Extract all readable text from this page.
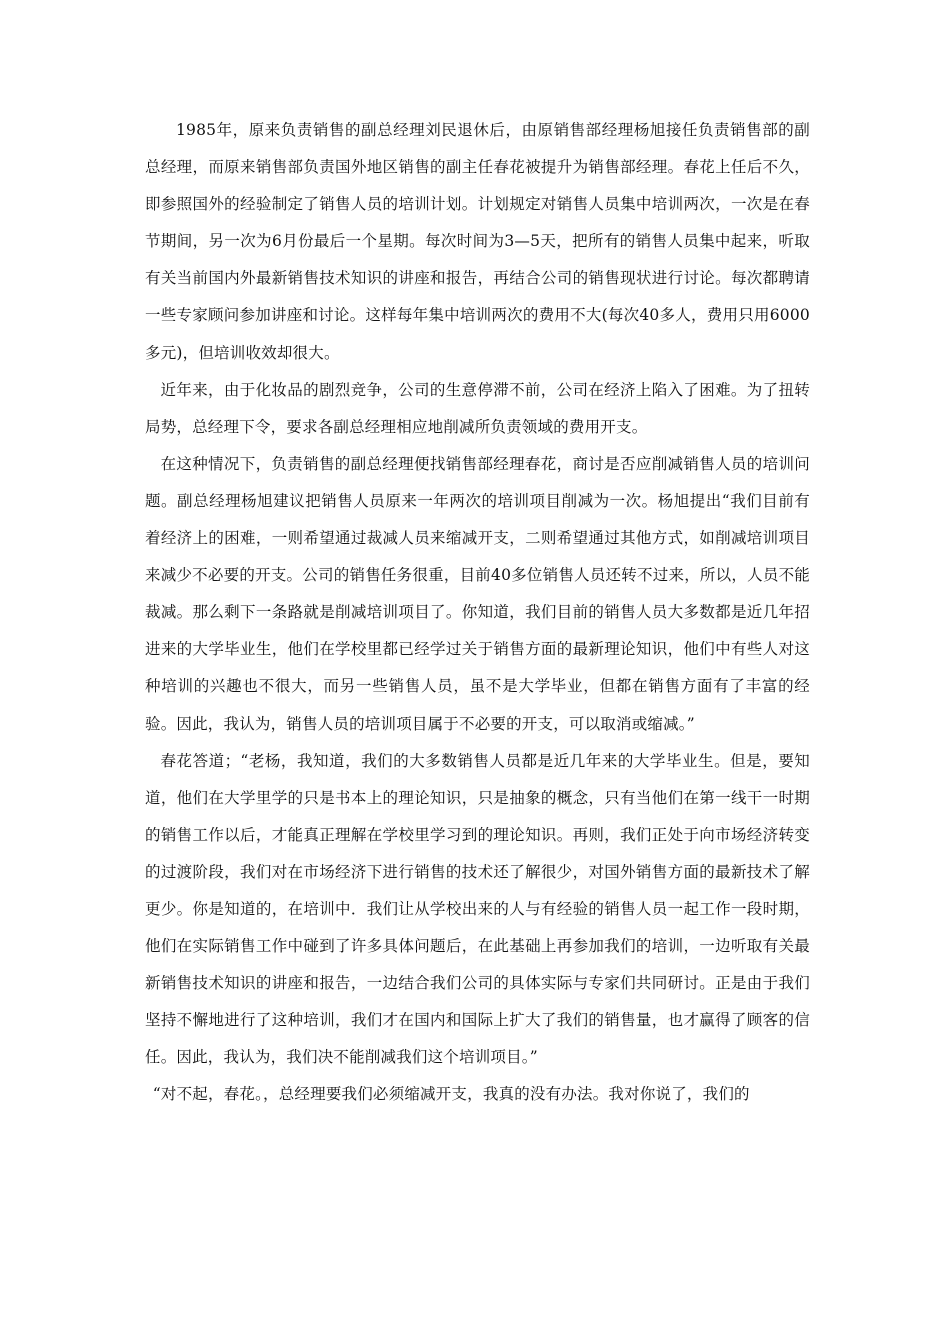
1985年，原来负责销售的副总经理刘民退休后，由原销售部经理杨旭接任负责销售部的副总经理，而原来销售部负责国外地区销售的副主任春花被提升为销售部经理。春花上任后不久，即参照国外的经验制定了销售人员的培训计划。计划规定对销售人员集中培训两次，一次是在春节期间，另一次为6月份最后一个星期。每次时间为3—5天，把所有的销售人员集中起来，听取有关当前国内外最新销售技术知识的讲座和报告，再结合公司的销售现状进行讨论。每次都聘请一些专家顾问参加讲座和讨论。这样每年集中培训两次的费用不大(每次40多人，费用只用6000多元)，但培训收效却很大。

近年来，由于化妆品的剧烈竞争，公司的生意停滞不前，公司在经济上陷入了困难。为了扭转局势，总经理下令，要求各副总经理相应地削减所负责领域的费用开支。

在这种情况下，负责销售的副总经理便找销售部经理春花，商讨是否应削减销售人员的培训问题。副总经理杨旭建议把销售人员原来一年两次的培训项目削减为一次。杨旭提出“我们目前有着经济上的困难，一则希望通过裁减人员来缩减开支，二则希望通过其他方式，如削减培训项目来减少不必要的开支。公司的销售任务很重，目前40多位销售人员还转不过来，所以，人员不能裁减。那么剩下一条路就是削减培训项目了。你知道，我们目前的销售人员大多数都是近几年招进来的大学毕业生，他们在学校里都已经学过关于销售方面的最新理论知识，他们中有些人对这种培训的兴趣也不很大，而另一些销售人员，虽不是大学毕业，但都在销售方面有了丰富的经验。因此，我认为，销售人员的培训项目属于不必要的开支，可以取消或缩减。”

春花答道；“老杨，我知道，我们的大多数销售人员都是近几年来的大学毕业生。但是，要知道，他们在大学里学的只是书本上的理论知识，只是抽象的概念，只有当他们在第一线干一时期的销售工作以后，才能真正理解在学校里学习到的理论知识。再则，我们正处于向市场经济转变的过渡阶段，我们对在市场经济下进行销售的技术还了解很少，对国外销售方面的最新技术了解更少。你是知道的，在培训中．我们让从学校出来的人与有经验的销售人员一起工作一段时期，他们在实际销售工作中碰到了许多具体问题后，在此基础上再参加我们的培训，一边听取有关最新销售技术知识的讲座和报告，一边结合我们公司的具体实际与专家们共同研讨。正是由于我们坚持不懈地进行了这种培训，我们才在国内和国际上扩大了我们的销售量，也才赢得了顾客的信任。因此，我认为，我们决不能削减我们这个培训项目。”

“对不起，春花。，总经理要我们必须缩减开支，我真的没有办法。我对你说了，我们的
